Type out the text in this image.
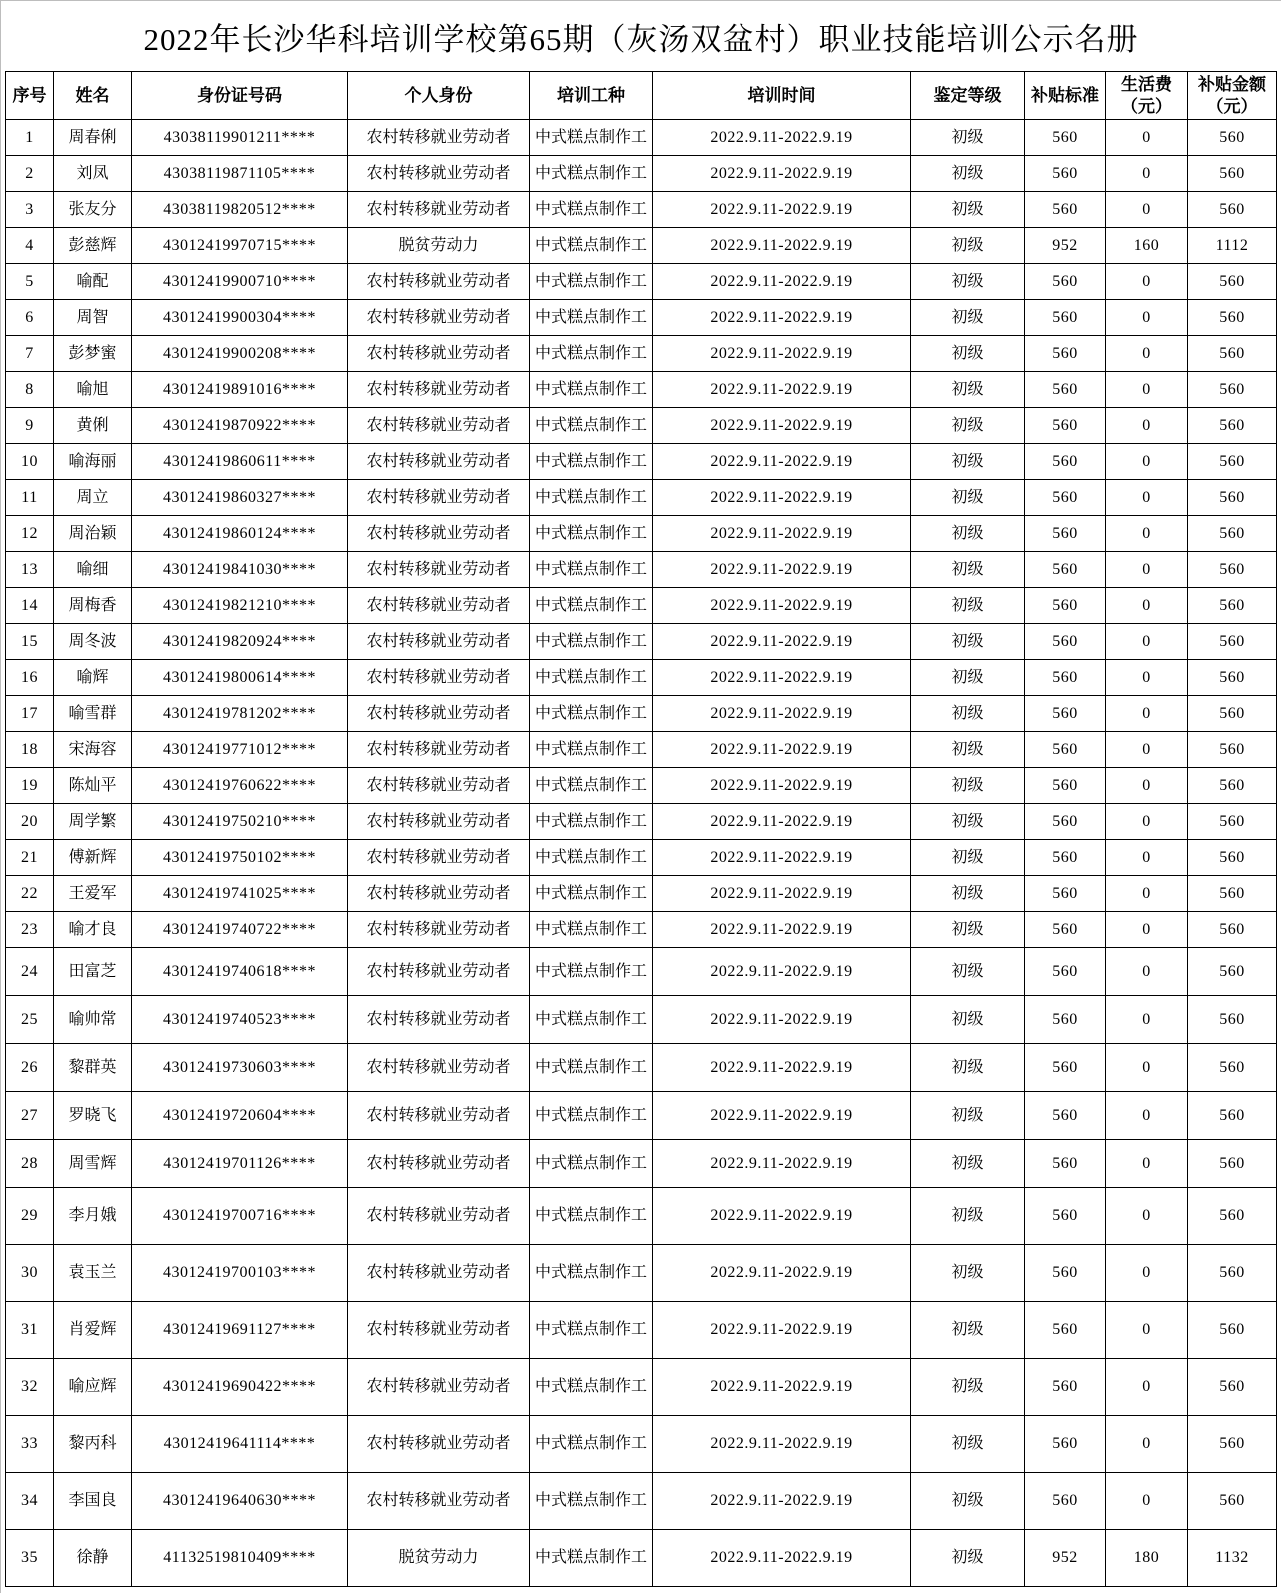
2022年长沙华科培训学校第65期（灰汤双盆村）职业技能培训公示名册
序号	姓名	身份证号码	个人身份	培训工种	培训时间	鉴定等级	补贴标准	生活费（元）	补贴金额（元）
1	周春俐	43038119901211****	农村转移就业劳动者	中式糕点制作工	2022.9.11-2022.9.19	初级	560	0	560
2	刘凤	43038119871105****	农村转移就业劳动者	中式糕点制作工	2022.9.11-2022.9.19	初级	560	0	560
3	张友分	43038119820512****	农村转移就业劳动者	中式糕点制作工	2022.9.11-2022.9.19	初级	560	0	560
4	彭慈辉	43012419970715****	脱贫劳动力	中式糕点制作工	2022.9.11-2022.9.19	初级	952	160	1112
5	喻配	43012419900710****	农村转移就业劳动者	中式糕点制作工	2022.9.11-2022.9.19	初级	560	0	560
6	周智	43012419900304****	农村转移就业劳动者	中式糕点制作工	2022.9.11-2022.9.19	初级	560	0	560
7	彭梦蜜	43012419900208****	农村转移就业劳动者	中式糕点制作工	2022.9.11-2022.9.19	初级	560	0	560
8	喻旭	43012419891016****	农村转移就业劳动者	中式糕点制作工	2022.9.11-2022.9.19	初级	560	0	560
9	黄俐	43012419870922****	农村转移就业劳动者	中式糕点制作工	2022.9.11-2022.9.19	初级	560	0	560
10	喻海丽	43012419860611****	农村转移就业劳动者	中式糕点制作工	2022.9.11-2022.9.19	初级	560	0	560
11	周立	43012419860327****	农村转移就业劳动者	中式糕点制作工	2022.9.11-2022.9.19	初级	560	0	560
12	周治颖	43012419860124****	农村转移就业劳动者	中式糕点制作工	2022.9.11-2022.9.19	初级	560	0	560
13	喻细	43012419841030****	农村转移就业劳动者	中式糕点制作工	2022.9.11-2022.9.19	初级	560	0	560
14	周梅香	43012419821210****	农村转移就业劳动者	中式糕点制作工	2022.9.11-2022.9.19	初级	560	0	560
15	周冬波	43012419820924****	农村转移就业劳动者	中式糕点制作工	2022.9.11-2022.9.19	初级	560	0	560
16	喻辉	43012419800614****	农村转移就业劳动者	中式糕点制作工	2022.9.11-2022.9.19	初级	560	0	560
17	喻雪群	43012419781202****	农村转移就业劳动者	中式糕点制作工	2022.9.11-2022.9.19	初级	560	0	560
18	宋海容	43012419771012****	农村转移就业劳动者	中式糕点制作工	2022.9.11-2022.9.19	初级	560	0	560
19	陈灿平	43012419760622****	农村转移就业劳动者	中式糕点制作工	2022.9.11-2022.9.19	初级	560	0	560
20	周学繁	43012419750210****	农村转移就业劳动者	中式糕点制作工	2022.9.11-2022.9.19	初级	560	0	560
21	傅新辉	43012419750102****	农村转移就业劳动者	中式糕点制作工	2022.9.11-2022.9.19	初级	560	0	560
22	王爱军	43012419741025****	农村转移就业劳动者	中式糕点制作工	2022.9.11-2022.9.19	初级	560	0	560
23	喻才良	43012419740722****	农村转移就业劳动者	中式糕点制作工	2022.9.11-2022.9.19	初级	560	0	560
24	田富芝	43012419740618****	农村转移就业劳动者	中式糕点制作工	2022.9.11-2022.9.19	初级	560	0	560
25	喻帅常	43012419740523****	农村转移就业劳动者	中式糕点制作工	2022.9.11-2022.9.19	初级	560	0	560
26	黎群英	43012419730603****	农村转移就业劳动者	中式糕点制作工	2022.9.11-2022.9.19	初级	560	0	560
27	罗晓飞	43012419720604****	农村转移就业劳动者	中式糕点制作工	2022.9.11-2022.9.19	初级	560	0	560
28	周雪辉	43012419701126****	农村转移就业劳动者	中式糕点制作工	2022.9.11-2022.9.19	初级	560	0	560
29	李月娥	43012419700716****	农村转移就业劳动者	中式糕点制作工	2022.9.11-2022.9.19	初级	560	0	560
30	袁玉兰	43012419700103****	农村转移就业劳动者	中式糕点制作工	2022.9.11-2022.9.19	初级	560	0	560
31	肖爱辉	43012419691127****	农村转移就业劳动者	中式糕点制作工	2022.9.11-2022.9.19	初级	560	0	560
32	喻应辉	43012419690422****	农村转移就业劳动者	中式糕点制作工	2022.9.11-2022.9.19	初级	560	0	560
33	黎丙科	43012419641114****	农村转移就业劳动者	中式糕点制作工	2022.9.11-2022.9.19	初级	560	0	560
34	李国良	43012419640630****	农村转移就业劳动者	中式糕点制作工	2022.9.11-2022.9.19	初级	560	0	560
35	徐静	41132519810409****	脱贫劳动力	中式糕点制作工	2022.9.11-2022.9.19	初级	952	180	1132
